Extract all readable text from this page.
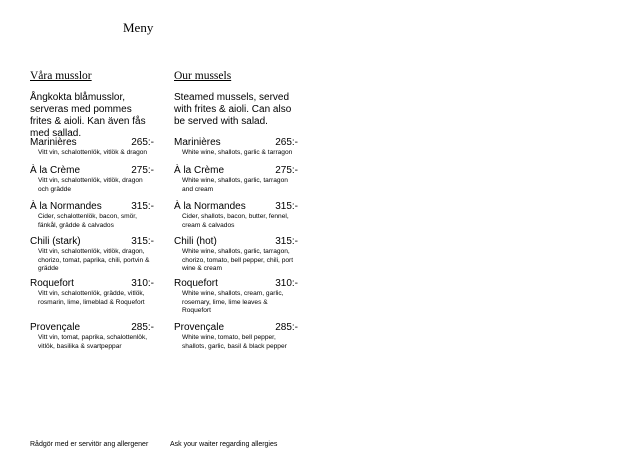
Meny
Våra musslor
Ångkokta blåmusslor, serveras med pommes frites & aioli. Kan även fås med sallad.
Marinières	265:-
Vitt vin, schalottenlök, vitlök & dragon
À la Crème	275:-
Vitt vin, schalottenlök, vitlök, dragon och grädde
À la Normandes	315:-
Cider, schalottenlök, bacon, smör, fänkål, grädde & calvados
Chili (stark)	315:-
Vitt vin, schalottenlök, vitlök, dragon, chorizo, tomat, paprika, chili, portvin & grädde
Roquefort	310:-
Vitt vin, schalottenlök, grädde, vitlök, rosmarin, lime, limeblad & Roquefort
Provençale	285:-
Vitt vin, tomat, paprika, schalottenlök, vitlök, basilika & svartpeppar
Our mussels
Steamed mussels, served with frites & aioli. Can also be served with salad.
Marinières	265:-
White wine, shallots, garlic & tarragon
À la Crème	275:-
White wine, shallots, garlic, tarragon and cream
À la Normandes	315:-
Cider, shallots, bacon, butter, fennel, cream & calvados
Chili (hot)	315:-
White wine, shallots, garlic, tarragon, chorizo, tomato, bell pepper, chili, port wine & cream
Roquefort	310:-
White wine, shallots, cream, garlic, rosemary, lime, lime leaves & Roquefort
Provençale	285:-
White wine, tomato, bell pepper, shallots, garlic, basil & black pepper
Rådgör med er servitör ang allergener	Ask your waiter regarding allergies
